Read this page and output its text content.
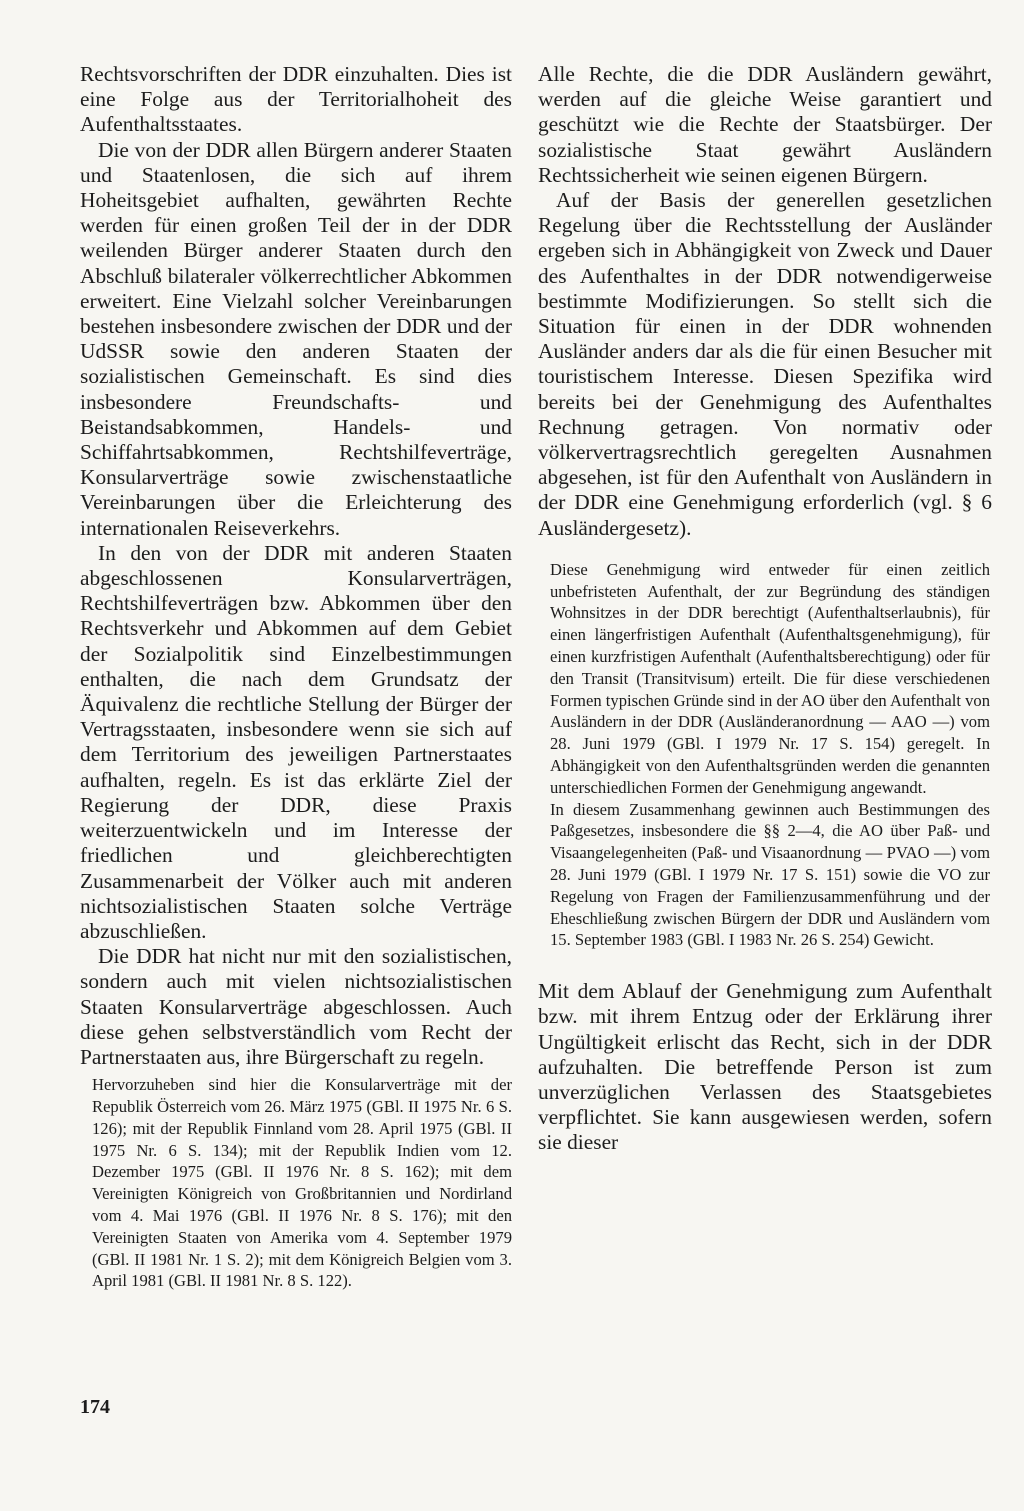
Rechtsvorschriften der DDR einzuhalten. Dies ist eine Folge aus der Territorialhoheit des Aufenthaltsstaates.

Die von der DDR allen Bürgern anderer Staaten und Staatenlosen, die sich auf ihrem Hoheitsgebiet aufhalten, gewährten Rechte werden für einen großen Teil der in der DDR weilenden Bürger anderer Staaten durch den Abschluß bilateraler völkerrechtlicher Abkommen erweitert. Eine Vielzahl solcher Vereinbarungen bestehen insbesondere zwischen der DDR und der UdSSR sowie den anderen Staaten der sozialistischen Gemeinschaft. Es sind dies insbesondere Freundschafts- und Beistandsabkommen, Handels- und Schiffahrtsabkommen, Rechtshilfeverträge, Konsularverträge sowie zwischenstaatliche Vereinbarungen über die Erleichterung des internationalen Reiseverkehrs.

In den von der DDR mit anderen Staaten abgeschlossenen Konsularverträgen, Rechtshilfeverträgen bzw. Abkommen über den Rechtsverkehr und Abkommen auf dem Gebiet der Sozialpolitik sind Einzelbestimmungen enthalten, die nach dem Grundsatz der Äquivalenz die rechtliche Stellung der Bürger der Vertragsstaaten, insbesondere wenn sie sich auf dem Territorium des jeweiligen Partnerstaates aufhalten, regeln. Es ist das erklärte Ziel der Regierung der DDR, diese Praxis weiterzuentwickeln und im Interesse der friedlichen und gleichberechtigten Zusammenarbeit der Völker auch mit anderen nichtsozialistischen Staaten solche Verträge abzuschließen.

Die DDR hat nicht nur mit den sozialistischen, sondern auch mit vielen nichtsozialistischen Staaten Konsularverträge abgeschlossen. Auch diese gehen selbstverständlich vom Recht der Partnerstaaten aus, ihre Bürgerschaft zu regeln.

Hervorzuheben sind hier die Konsularverträge mit der Republik Österreich vom 26. März 1975 (GBl. II 1975 Nr. 6 S. 126); mit der Republik Finnland vom 28. April 1975 (GBl. II 1975 Nr. 6 S. 134); mit der Republik Indien vom 12. Dezember 1975 (GBl. II 1976 Nr. 8 S. 162); mit dem Vereinigten Königreich von Großbritannien und Nordirland vom 4. Mai 1976 (GBl. II 1976 Nr. 8 S. 176); mit den Vereinigten Staaten von Amerika vom 4. September 1979 (GBl. II 1981 Nr. 1 S. 2); mit dem Königreich Belgien vom 3. April 1981 (GBl. II 1981 Nr. 8 S. 122).

Alle Rechte, die die DDR Ausländern gewährt, werden auf die gleiche Weise garantiert und geschützt wie die Rechte der Staatsbürger. Der sozialistische Staat gewährt Ausländern Rechtssicherheit wie seinen eigenen Bürgern.

Auf der Basis der generellen gesetzlichen Regelung über die Rechtsstellung der Ausländer ergeben sich in Abhängigkeit von Zweck und Dauer des Aufenthaltes in der DDR notwendigerweise bestimmte Modifizierungen. So stellt sich die Situation für einen in der DDR wohnenden Ausländer anders dar als die für einen Besucher mit touristischem Interesse. Diesen Spezifika wird bereits bei der Genehmigung des Aufenthaltes Rechnung getragen. Von normativ oder völkervertragsrechtlich geregelten Ausnahmen abgesehen, ist für den Aufenthalt von Ausländern in der DDR eine Genehmigung erforderlich (vgl. § 6 Ausländergesetz).

Diese Genehmigung wird entweder für einen zeitlich unbefristeten Aufenthalt, der zur Begründung des ständigen Wohnsitzes in der DDR berechtigt (Aufenthaltserlaubnis), für einen längerfristigen Aufenthalt (Aufenthaltsgenehmigung), für einen kurzfristigen Aufenthalt (Aufenthaltsberechtigung) oder für den Transit (Transitvisum) erteilt. Die für diese verschiedenen Formen typischen Gründe sind in der AO über den Aufenthalt von Ausländern in der DDR (Ausländeranordnung — AAO —) vom 28. Juni 1979 (GBl. I 1979 Nr. 17 S. 154) geregelt. In Abhängigkeit von den Aufenthaltsgründen werden die genannten unterschiedlichen Formen der Genehmigung angewandt.

In diesem Zusammenhang gewinnen auch Bestimmungen des Paßgesetzes, insbesondere die §§ 2—4, die AO über Paß- und Visaangelegenheiten (Paß- und Visaanordnung — PVAO —) vom 28. Juni 1979 (GBl. I 1979 Nr. 17 S. 151) sowie die VO zur Regelung von Fragen der Familienzusammenführung und der Eheschließung zwischen Bürgern der DDR und Ausländern vom 15. September 1983 (GBl. I 1983 Nr. 26 S. 254) Gewicht.

Mit dem Ablauf der Genehmigung zum Aufenthalt bzw. mit ihrem Entzug oder der Erklärung ihrer Ungültigkeit erlischt das Recht, sich in der DDR aufzuhalten. Die betreffende Person ist zum unverzüglichen Verlassen des Staatsgebietes verpflichtet. Sie kann ausgewiesen werden, sofern sie dieser

174
